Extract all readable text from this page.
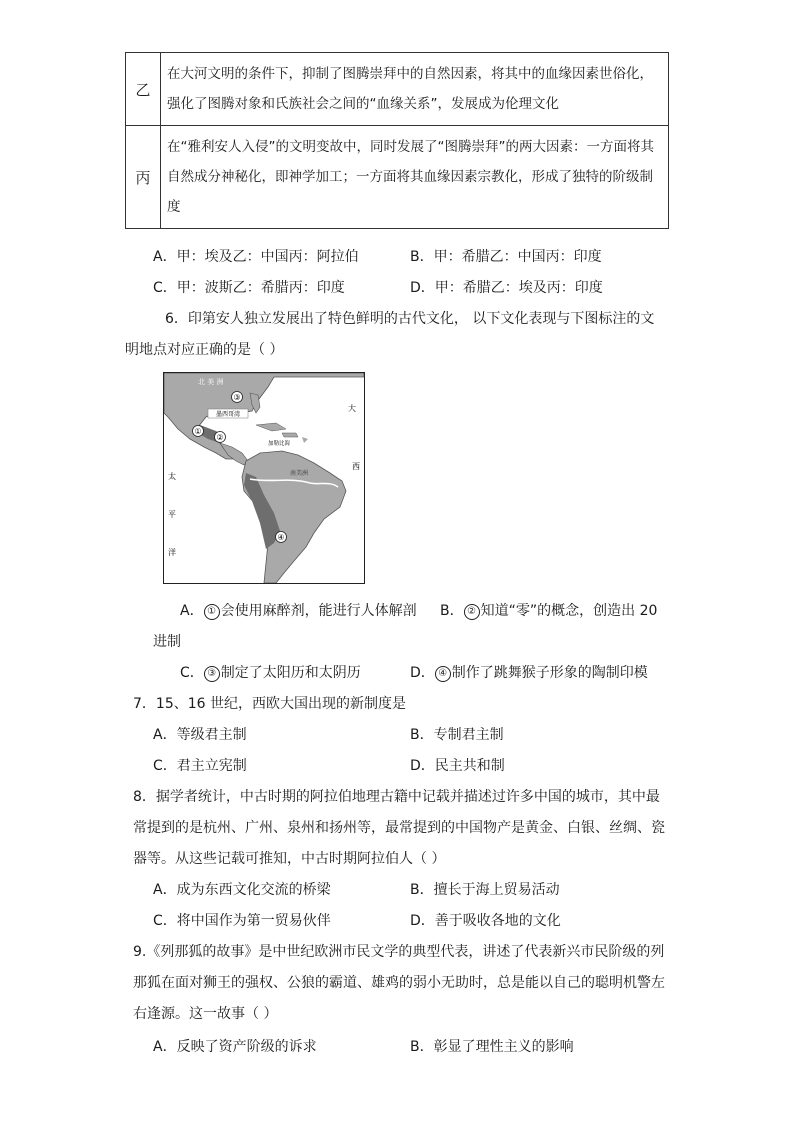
乙	在大河文明的条件下，抑制了图腾崇拜中的自然因素，将其中的血缘因素世俗化，
强化了图腾对象和氏族社会之间的“血缘关系”，发展成为伦理文化

丙	在“雅利安人入侵”的文明变故中，同时发展了“图腾崇拜”的两大因素：一方面将其
自然成分神秘化，即神学加工；一方面将其血缘因素宗教化，形成了独特的阶级制
度
A．甲：埃及乙：中国丙：阿拉伯	B．甲：希腊乙：中国丙：印度
C．甲：波斯乙：希腊丙：印度	D．甲：希腊乙：埃及丙：印度
6．印第安人独立发展出了特色鲜明的古代文化， 以下文化表现与下图标注的文
明地点对应正确的是（ ）
墨西哥湾
北 美 洲
大
西
太
平
洋
加勒比海
南美洲
①
②
③
④
A． ① 会使用麻醉剂，能进行人体解剖 B． ② 知道“零”的概念，创造出 20
进制
C． ③ 制定了太阳历和太阴历	D． ④ 制作了跳舞猴子形象的陶制印模
7．15、16 世纪，西欧大国出现的新制度是
A．等级君主制	B．专制君主制
C．君主立宪制	D．民主共和制
8．据学者统计，中古时期的阿拉伯地理古籍中记载并描述过许多中国的城市，其中最
常提到的是杭州、广州、泉州和扬州等，最常提到的中国物产是黄金、白银、丝绸、瓷
器等。从这些记载可推知，中古时期阿拉伯人（ ）
A．成为东西文化交流的桥梁	B．擅长于海上贸易活动
C．将中国作为第一贸易伙伴	D．善于吸收各地的文化
9.《列那狐的故事》是中世纪欧洲市民文学的典型代表，讲述了代表新兴市民阶级的列
那狐在面对狮王的强权、公狼的霸道、雄鸡的弱小无助时，总是能以自己的聪明机警左
右逢源。这一故事（ ）
A．反映了资产阶级的诉求	B．彰显了理性主义的影响
